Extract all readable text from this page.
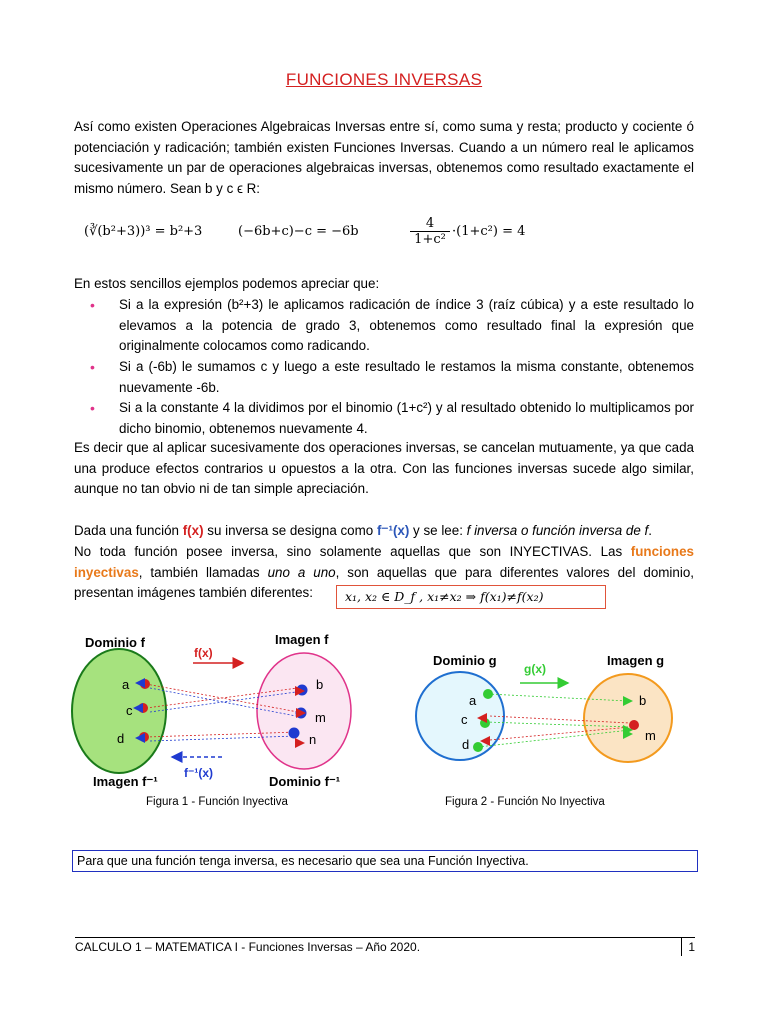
FUNCIONES INVERSAS
Así como existen Operaciones Algebraicas Inversas entre sí, como suma y resta; producto y cociente ó potenciación y radicación; también existen Funciones Inversas. Cuando a un número real le aplicamos sucesivamente un par de operaciones algebraicas inversas, obtenemos como resultado exactamente el mismo número. Sean b y c ϵ R:
(∛(b²+3))³ = b²+3	(−6b+c)−c = −6b	$\frac{4}{\text{1+c²}} \cdot(1+c^2) = 4$
En estos sencillos ejemplos podemos apreciar que:
• Si a la expresión (b²+3) le aplicamos radicación de índice 3 (raíz cúbica) y a este resultado lo elevamos a la potencia de grado 3, obtenemos como resultado final la expresión que originalmente colocamos como radicando.
• Si a (-6b) le sumamos c y luego a este resultado le restamos la misma constante, obtenemos nuevamente -6b.
• Si a la constante 4 la dividimos por el binomio (1+c²) y al resultado obtenido lo multiplicamos por dicho binomio, obtenemos nuevamente 4.
Es decir que al aplicar sucesivamente dos operaciones inversas, se cancelan mutuamente, ya que cada una produce efectos contrarios u opuestos a la otra. Con las funciones inversas sucede algo similar, aunque no tan obvio ni de tan simple apreciación.
Dada una función f(x) su inversa se designa como f⁻¹(x) y se lee: f inversa o función inversa de f.
No toda función posee inversa, sino solamente aquellas que son INYECTIVAS. Las funciones inyectivas, también llamadas uno a uno, son aquellas que para diferentes valores del dominio, presentan imágenes también diferentes:	x₁, x₂ ∈ D_f , x₁≠x₂ ⇒ f(x₁)≠f(x₂)
Dominio f	Imagen f
f(x)
f⁻¹(x)
Imagen f⁻¹	Dominio f⁻¹
a
c
d
b
m
n
Figura 1 - Función Inyectiva
Dominio g	Imagen g
g(x)
a
c
d
b
m
Figura 2 - Función No Inyectiva
Para que una función tenga inversa, es necesario que sea una Función Inyectiva.
CALCULO 1 – MATEMATICA I - Funciones Inversas – Año 2020.	1
